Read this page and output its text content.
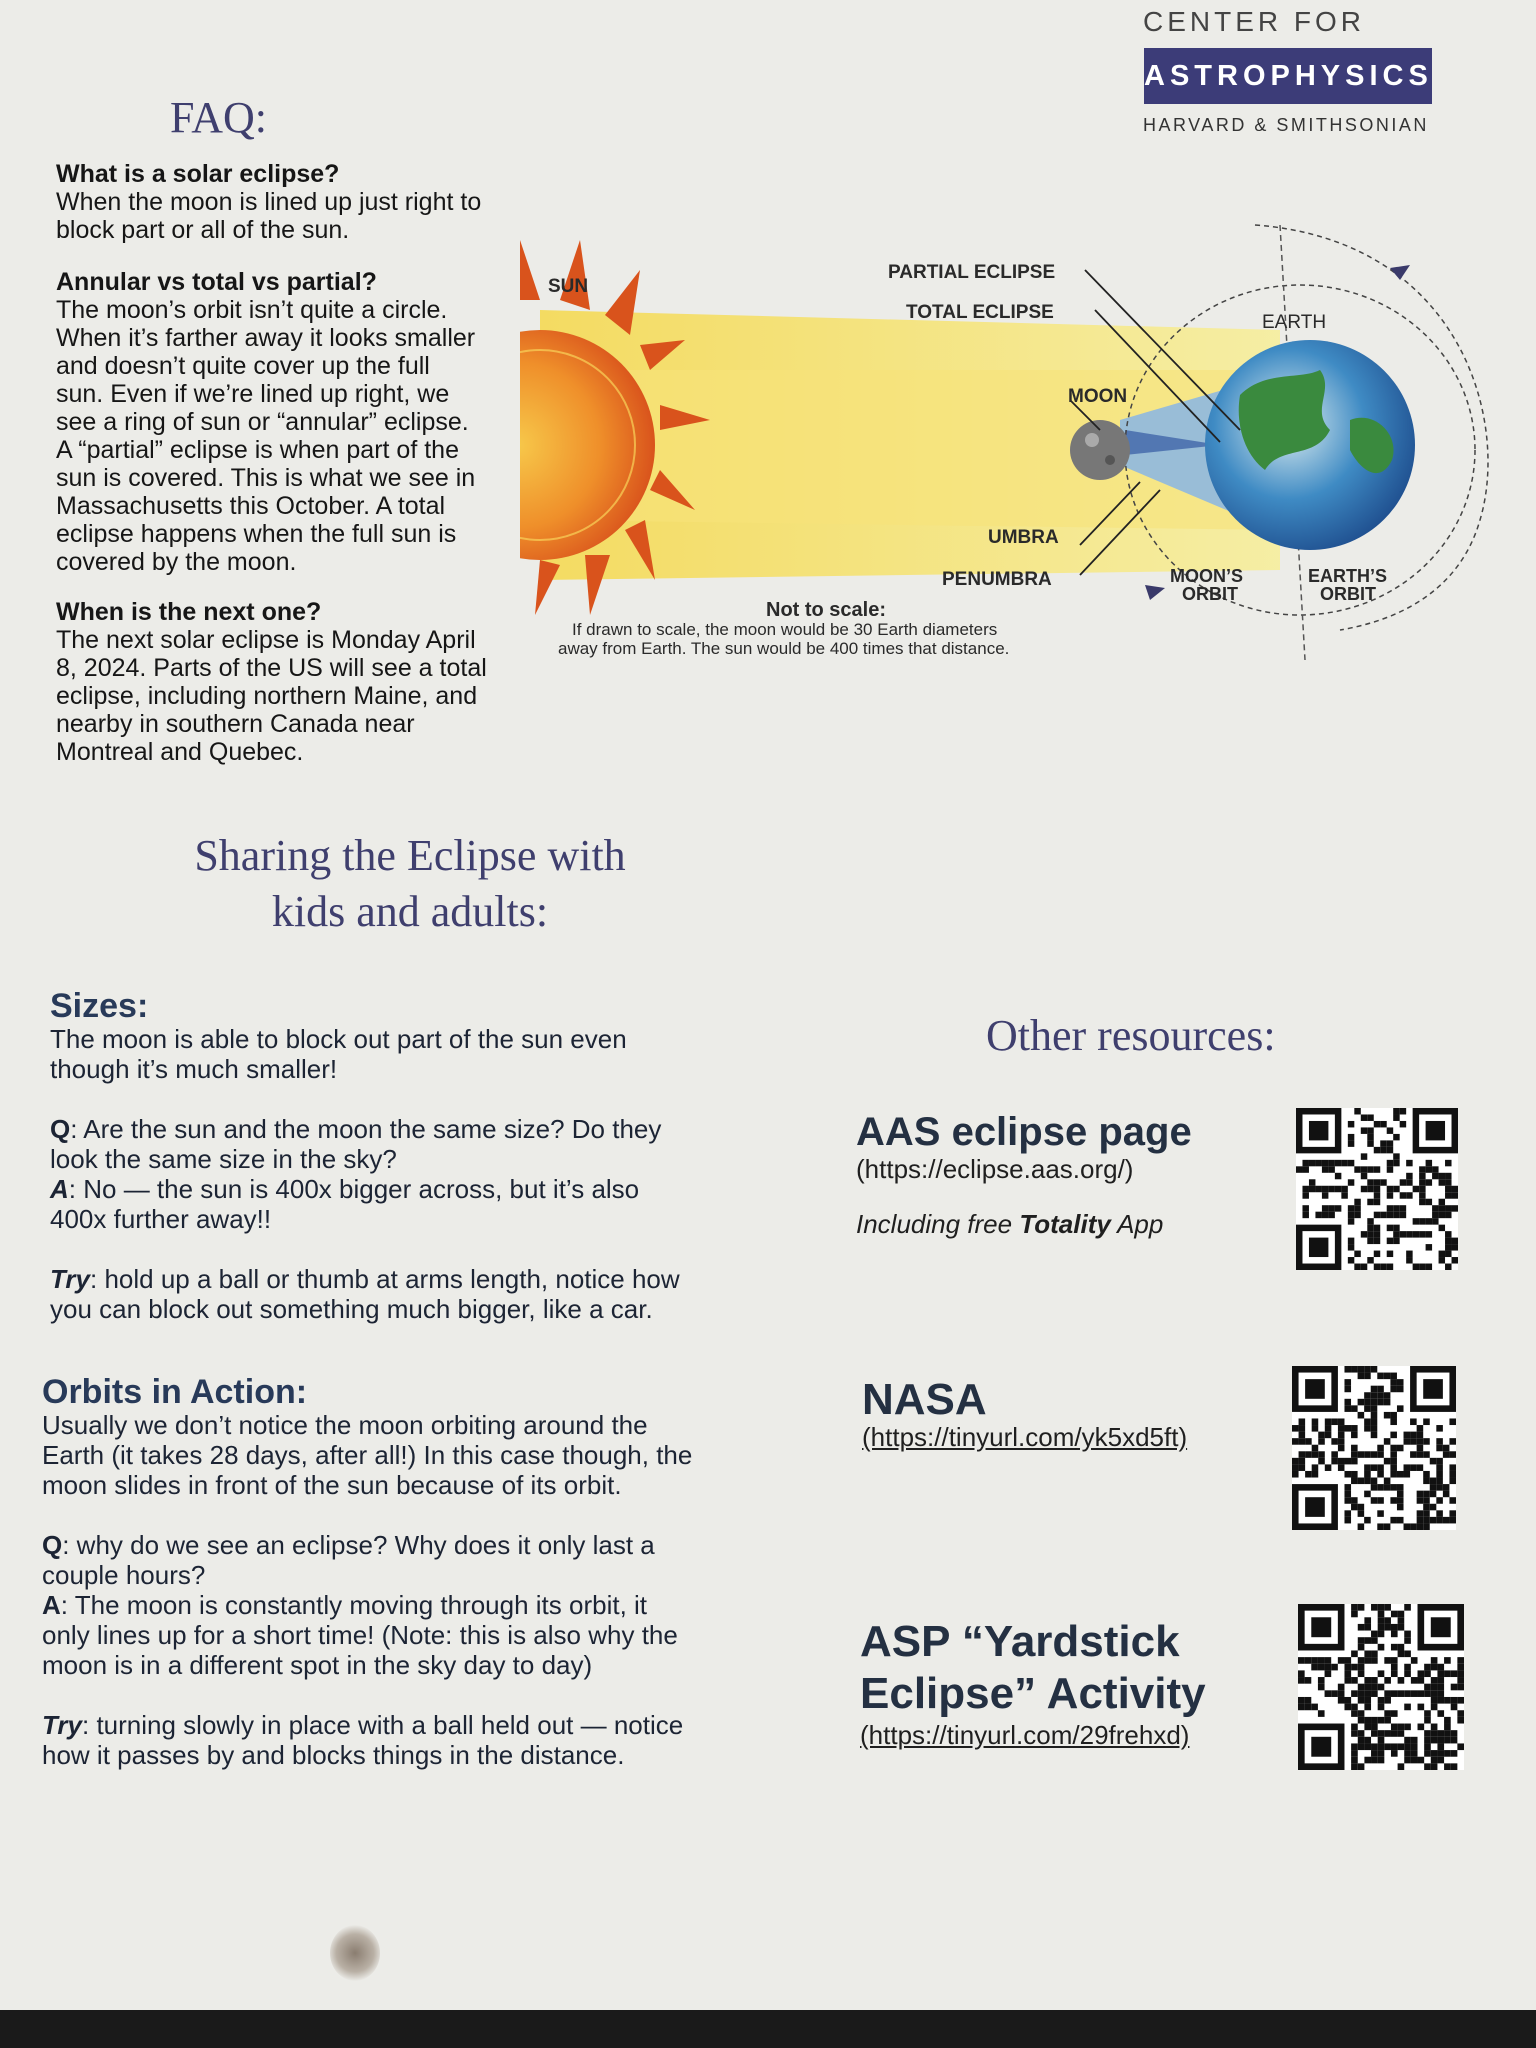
CENTER FOR
ASTROPHYSICS
HARVARD & SMITHSONIAN
FAQ:
What is a solar eclipse?
When the moon is lined up just right to
block part or all of the sun.
Annular vs total vs partial?
The moon’s orbit isn’t quite a circle.
When it’s farther away it looks smaller
and doesn’t quite cover up the full
sun. Even if we’re lined up right, we
see a ring of sun or “annular” eclipse.
A “partial” eclipse is when part of the
sun is covered. This is what we see in
Massachusetts this October. A total
eclipse happens when the full sun is
covered by the moon.
When is the next one?
The next solar eclipse is Monday April
8, 2024. Parts of the US will see a total
eclipse, including northern Maine, and
nearby in southern Canada near
Montreal and Quebec.
SUN
PARTIAL ECLIPSE
TOTAL ECLIPSE	EARTH
MOON
UMBRA
PENUMBRA	MOON’S
ORBIT
EARTH’S
ORBIT
Not to scale:
If drawn to scale, the moon would be 30 Earth diameters
away from Earth. The sun would be 400 times that distance.
Sharing the Eclipse with
kids and adults:
Sizes:
The moon is able to block out part of the sun even
though it’s much smaller!
Q: Are the sun and the moon the same size? Do they
look the same size in the sky?
A: No — the sun is 400x bigger across, but it’s also
400x further away!!
Try: hold up a ball or thumb at arms length, notice how
you can block out something much bigger, like a car.
Orbits in Action:
Usually we don’t notice the moon orbiting around the
Earth (it takes 28 days, after all!) In this case though, the
moon slides in front of the sun because of its orbit.
Q: why do we see an eclipse? Why does it only last a
couple hours?
A: The moon is constantly moving through its orbit, it
only lines up for a short time! (Note: this is also why the
moon is in a different spot in the sky day to day)
Try: turning slowly in place with a ball held out — notice
how it passes by and blocks things in the distance.
Other resources:
AAS eclipse page
(https://eclipse.aas.org/)
Including free Totality App
NASA
(https://tinyurl.com/yk5xd5ft)
ASP “Yardstick
Eclipse” Activity
(https://tinyurl.com/29frehxd)
